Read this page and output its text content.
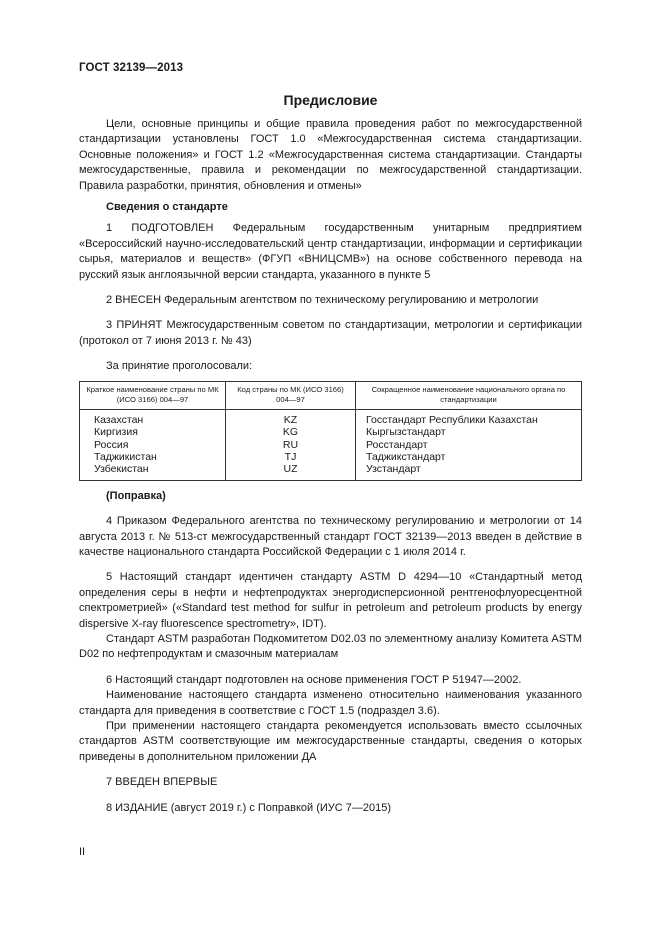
ГОСТ 32139—2013
Предисловие

Цели, основные принципы и общие правила проведения работ по межгосударственной стандартизации установлены ГОСТ 1.0 «Межгосударственная система стандартизации. Основные положения» и ГОСТ 1.2 «Межгосударственная система стандартизации. Стандарты межгосударственные, правила и рекомендации по межгосударственной стандартизации. Правила разработки, принятия, обновления и отмены»

Сведения о стандарте

1 ПОДГОТОВЛЕН Федеральным государственным унитарным предприятием «Всероссийский научно-исследовательский центр стандартизации, информации и сертификации сырья, материалов и веществ» (ФГУП «ВНИЦСМВ») на основе собственного перевода на русский язык англоязычной версии стандарта, указанного в пункте 5

2 ВНЕСЕН Федеральным агентством по техническому регулированию и метрологии

3 ПРИНЯТ Межгосударственным советом по стандартизации, метрологии и сертификации (протокол от 7 июня 2013 г. № 43)

За принятие проголосовали:

Краткое наименование страны по МК (ИСО 3166) 004—97	Код страны по МК (ИСО 3166) 004—97	Сокращенное наименование национального органа по стандартизации
Казахстан	KZ	Госстандарт Республики Казахстан
Киргизия	KG	Кыргызстандарт
Россия	RU	Росстандарт
Таджикистан	TJ	Таджикстандарт
Узбекистан	UZ	Узстандарт

(Поправка)

4 Приказом Федерального агентства по техническому регулированию и метрологии от 14 августа 2013 г. № 513-ст межгосударственный стандарт ГОСТ 32139—2013 введен в действие в качестве национального стандарта Российской Федерации с 1 июля 2014 г.

5 Настоящий стандарт идентичен стандарту ASTM D 4294—10 «Стандартный метод определения серы в нефти и нефтепродуктах энергодисперсионной рентгенофлуоресцентной спектрометрией» («Standard test method for sulfur in petroleum and petroleum products by energy dispersive X-ray fluorescence spectrometry», IDT).

Стандарт ASTM разработан Подкомитетом D02.03 по элементному анализу Комитета ASTM D02 по нефтепродуктам и смазочным материалам

6 Настоящий стандарт подготовлен на основе применения ГОСТ Р 51947—2002.

Наименование настоящего стандарта изменено относительно наименования указанного стандарта для приведения в соответствие с ГОСТ 1.5 (подраздел 3.6).

При применении настоящего стандарта рекомендуется использовать вместо ссылочных стандартов ASTM соответствующие им межгосударственные стандарты, сведения о которых приведены в дополнительном приложении ДА

7 ВВЕДЕН ВПЕРВЫЕ

8 ИЗДАНИЕ (август 2019 г.) с Поправкой (ИУС 7—2015)

II
